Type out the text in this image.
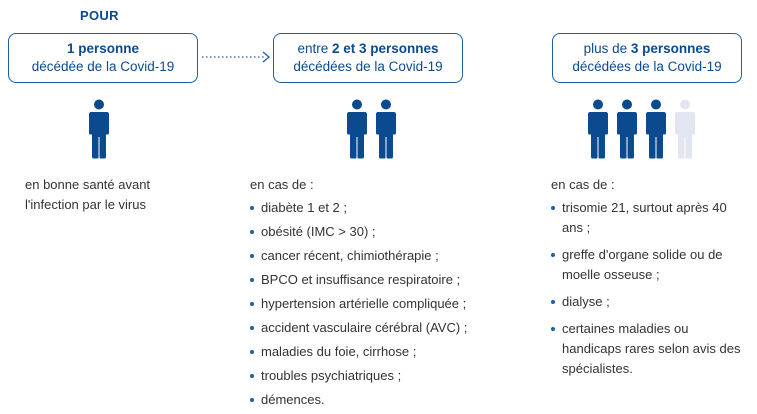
POUR
1 personne
décédée de la Covid-19
entre 2 et 3 personnes
décédées de la Covid-19
plus de 3 personnes
décédées de la Covid-19
en bonne santé avant l'infection par le virus
en cas de :
diabète 1 et 2 ;
obésité (IMC > 30) ;
cancer récent, chimiothérapie ;
BPCO et insuffisance respiratoire ;
hypertension artérielle compliquée ;
accident vasculaire cérébral (AVC) ;
maladies du foie, cirrhose ;
troubles psychiatriques ;
démences.
en cas de :
trisomie 21, surtout après 40 ans ;
greffe d'organe solide ou de moelle osseuse ;
dialyse ;
certaines maladies ou handicaps rares selon avis des spécialistes.
